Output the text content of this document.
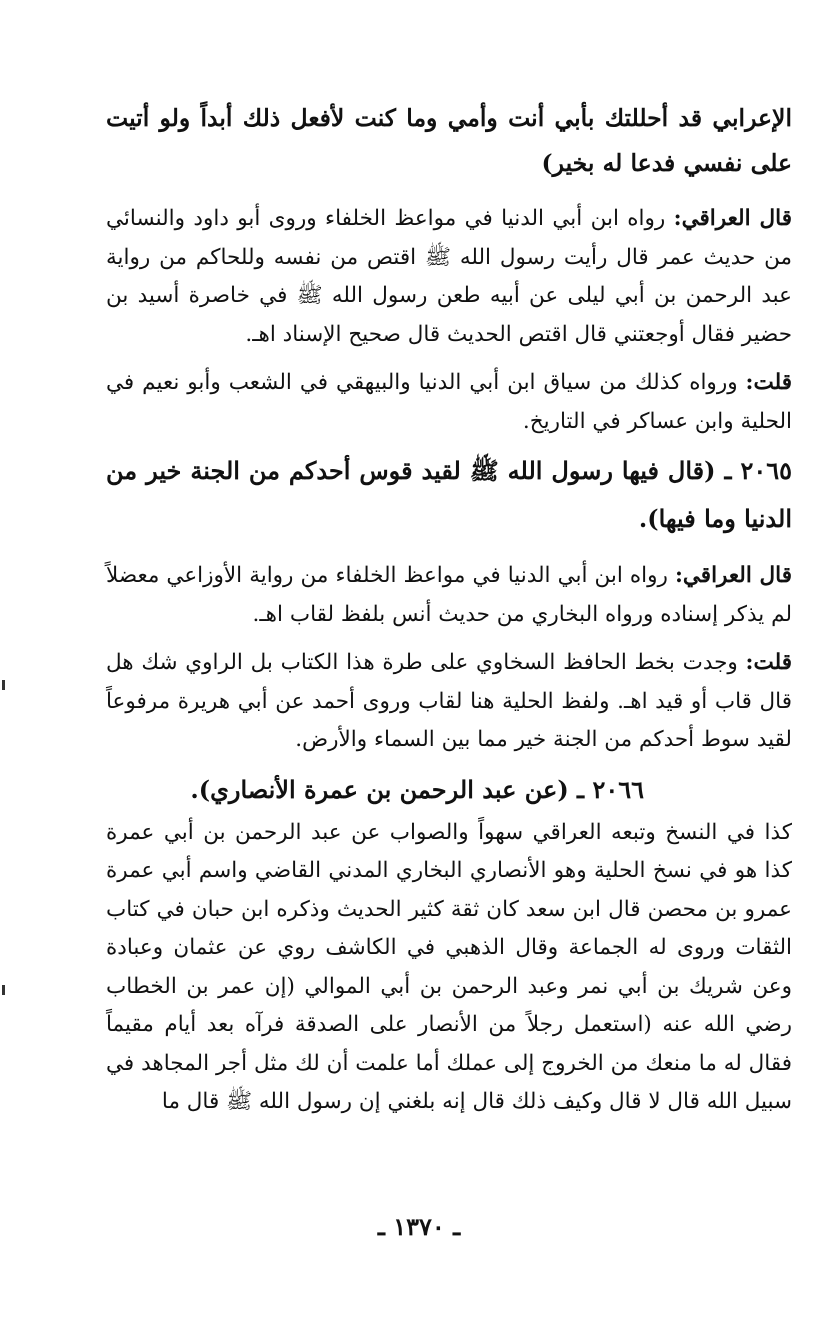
الإعرابي قد أحللتك بأبي أنت وأمي وما كنت لأفعل ذلك أبداً ولو أتيت على نفسي فدعا له بخير)

قال العراقي: رواه ابن أبي الدنيا في مواعظ الخلفاء وروى أبو داود والنسائي من حديث عمر قال رأيت رسول الله ﷺ اقتص من نفسه وللحاكم من رواية عبد الرحمن بن أبي ليلى عن أبيه طعن رسول الله ﷺ في خاصرة أسيد بن حضير فقال أوجعتني قال اقتص الحديث قال صحيح الإسناد اهـ.

قلت: ورواه كذلك من سياق ابن أبي الدنيا والبيهقي في الشعب وأبو نعيم في الحلية وابن عساكر في التاريخ.

٢٠٦٥ ـ (قال فيها رسول الله ﷺ لقيد قوس أحدكم من الجنة خير من الدنيا وما فيها).

قال العراقي: رواه ابن أبي الدنيا في مواعظ الخلفاء من رواية الأوزاعي معضلاً لم يذكر إسناده ورواه البخاري من حديث أنس بلفظ لقاب اهـ.

قلت: وجدت بخط الحافظ السخاوي على طرة هذا الكتاب بل الراوي شك هل قال قاب أو قيد اهـ. ولفظ الحلية هنا لقاب وروى أحمد عن أبي هريرة مرفوعاً لقيد سوط أحدكم من الجنة خير مما بين السماء والأرض.

٢٠٦٦ ـ (عن عبد الرحمن بن عمرة الأنصاري).

كذا في النسخ وتبعه العراقي سهواً والصواب عن عبد الرحمن بن أبي عمرة كذا هو في نسخ الحلية وهو الأنصاري البخاري المدني القاضي واسم أبي عمرة عمرو بن محصن قال ابن سعد كان ثقة كثير الحديث وذكره ابن حبان في كتاب الثقات وروى له الجماعة وقال الذهبي في الكاشف روي عن عثمان وعبادة وعن شريك بن أبي نمر وعبد الرحمن بن أبي الموالي (إن عمر بن الخطاب رضي الله عنه (استعمل رجلاً من الأنصار على الصدقة فرآه بعد أيام مقيماً فقال له ما منعك من الخروج إلى عملك أما علمت أن لك مثل أجر المجاهد في سبيل الله قال لا قال وكيف ذلك قال إنه بلغني إن رسول الله ﷺ قال ما

ـ ١٣٧٠ ـ
